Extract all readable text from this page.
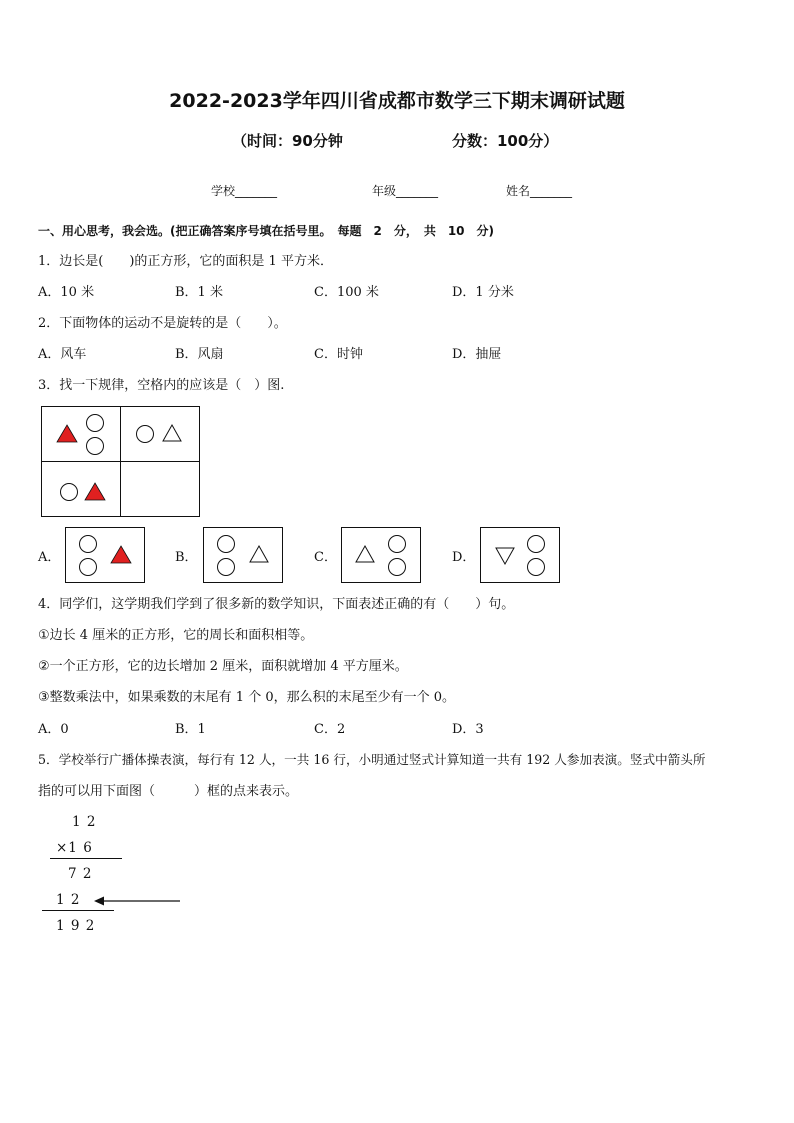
2022-2023学年四川省成都市数学三下期末调研试题
（时间：90分钟	分数：100分）
学校_______	年级_______	姓名_______
一、用心思考，我会选。(把正确答案序号填在括号里。　每题　2　分，　共　10　分)
1．边长是(　　)的正方形，它的面积是 1 平方米．
A．10 米	B．1 米	C．100 米	D．1 分米
2．下面物体的运动不是旋转的是（　　）。
A．风车	B．风扇	C．时钟	D．抽屉
3．找一下规律，空格内的应该是（　）图.
A．	B．	C．	D．
4．同学们，这学期我们学到了很多新的数学知识，下面表述正确的有（　　）句。
①边长 4 厘米的正方形，它的周长和面积相等。
②一个正方形，它的边长增加 2 厘米，面积就增加 4 平方厘米。
③整数乘法中，如果乘数的末尾有 1 个 0，那么积的末尾至少有一个 0。
A．0	B．1	C．2	D．3
5．学校举行广播体操表演，每行有 12 人，一共 16 行，小明通过竖式计算知道一共有 192 人参加表演。竖式中箭头所
指的可以用下面图（　　　）框的点来表示。
1 2
×1 6
7 2
1 2
1 9 2
